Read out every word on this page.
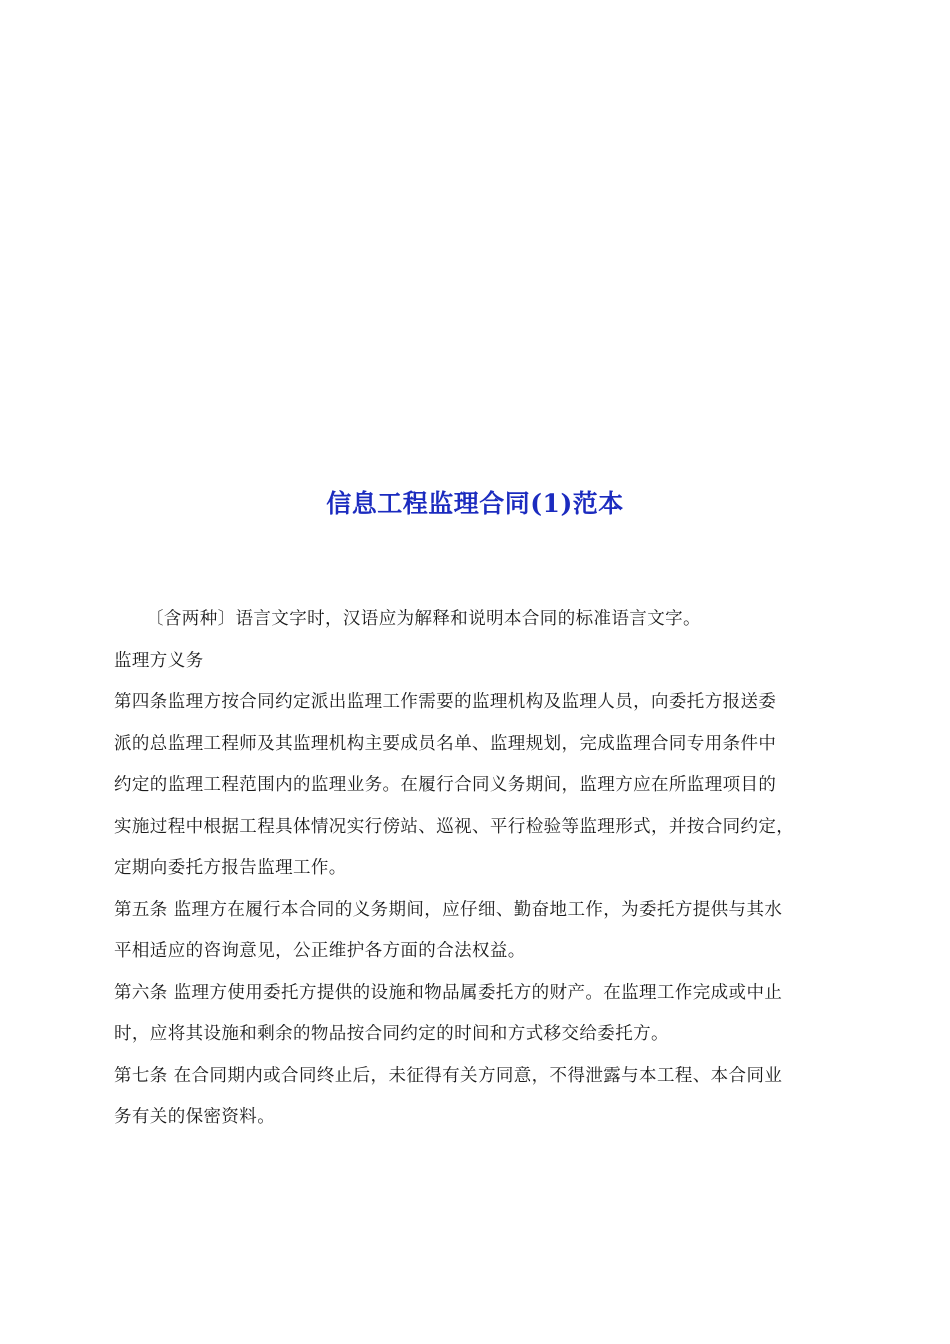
信息工程监理合同(1)范本
〔含两种〕语言文字时，汉语应为解释和说明本合同的标准语言文字。
监理方义务
第四条监理方按合同约定派出监理工作需要的监理机构及监理人员，向委托方报送委
派的总监理工程师及其监理机构主要成员名单、监理规划，完成监理合同专用条件中
约定的监理工程范围内的监理业务。在履行合同义务期间，监理方应在所监理项目的
实施过程中根据工程具体情况实行傍站、巡视、平行检验等监理形式，并按合同约定，
定期向委托方报告监理工作。
第五条 监理方在履行本合同的义务期间，应仔细、勤奋地工作，为委托方提供与其水
平相适应的咨询意见，公正维护各方面的合法权益。
第六条 监理方使用委托方提供的设施和物品属委托方的财产。在监理工作完成或中止
时，应将其设施和剩余的物品按合同约定的时间和方式移交给委托方。
第七条 在合同期内或合同终止后，未征得有关方同意，不得泄露与本工程、本合同业
务有关的保密资料。
